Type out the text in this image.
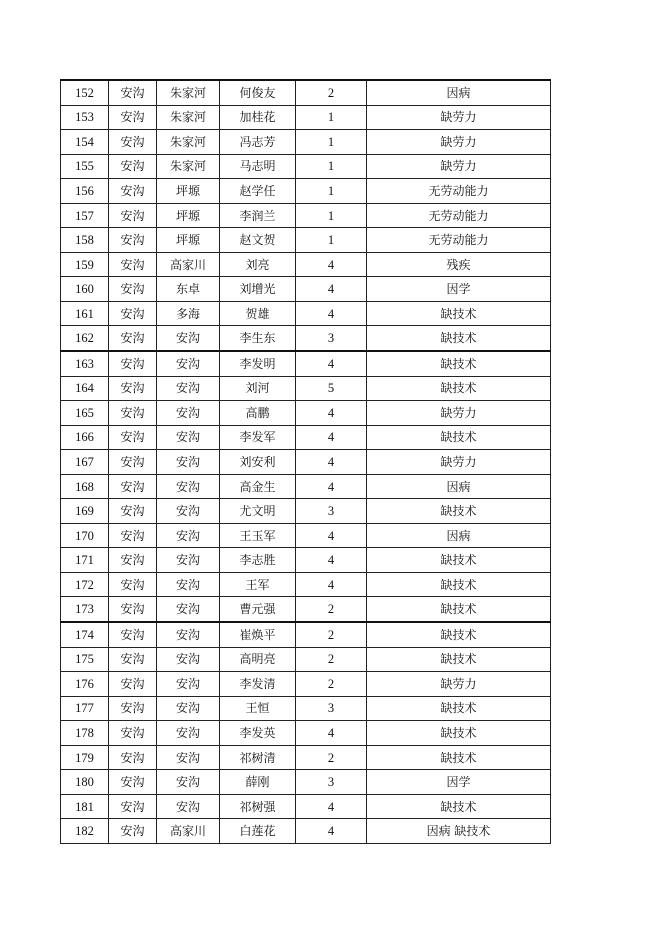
152	安沟	朱家河	何俊友	2	因病
153	安沟	朱家河	加桂花	1	缺劳力
154	安沟	朱家河	冯志芳	1	缺劳力
155	安沟	朱家河	马志明	1	缺劳力
156	安沟	坪塬	赵学任	1	无劳动能力
157	安沟	坪塬	李润兰	1	无劳动能力
158	安沟	坪塬	赵文贺	1	无劳动能力
159	安沟	高家川	刘亮	4	残疾
160	安沟	东卓	刘增光	4	因学
161	安沟	多海	贺雄	4	缺技术
162	安沟	安沟	李生东	3	缺技术
163	安沟	安沟	李发明	4	缺技术
164	安沟	安沟	刘河	5	缺技术
165	安沟	安沟	高鹏	4	缺劳力
166	安沟	安沟	李发军	4	缺技术
167	安沟	安沟	刘安利	4	缺劳力
168	安沟	安沟	高金生	4	因病
169	安沟	安沟	尤文明	3	缺技术
170	安沟	安沟	王玉军	4	因病
171	安沟	安沟	李志胜	4	缺技术
172	安沟	安沟	王军	4	缺技术
173	安沟	安沟	曹元强	2	缺技术
174	安沟	安沟	崔焕平	2	缺技术
175	安沟	安沟	高明亮	2	缺技术
176	安沟	安沟	李发清	2	缺劳力
177	安沟	安沟	王恒	3	缺技术
178	安沟	安沟	李发英	4	缺技术
179	安沟	安沟	祁树清	2	缺技术
180	安沟	安沟	薛刚	3	因学
181	安沟	安沟	祁树强	4	缺技术
182	安沟	高家川	白莲花	4	因病 缺技术
